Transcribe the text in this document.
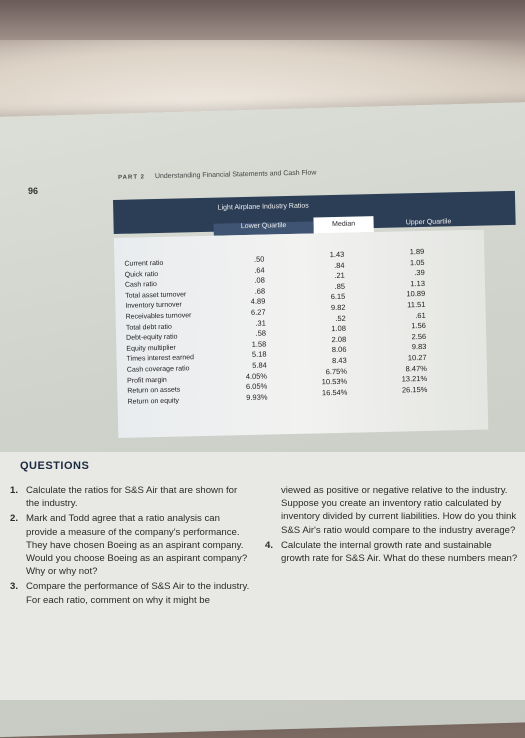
96
PART 2 Understanding Financial Statements and Cash Flow
Light Airplane Industry Ratios
Lower Quartile	Median	Upper Quartile
Current ratio
Quick ratio
Cash ratio
Total asset turnover
Inventory turnover
Receivables turnover
Total debt ratio
Debt-equity ratio
Equity multiplier
Times interest earned
Cash coverage ratio
Profit margin
Return on assets
Return on equity
.50
.64
.08
.68
4.89
6.27
.31
.58
1.58
5.18
5.84
4.05%
6.05%
9.93%
1.43
.84
.21
.85
6.15
9.82
.52
1.08
2.08
8.06
8.43
6.75%
10.53%
16.54%
1.89
1.05
.39
1.13
10.89
11.51
.61
1.56
2.56
9.83
10.27
8.47%
13.21%
26.15%
QUESTIONS
1. Calculate the ratios for S&S Air that are shown for the industry.
2. Mark and Todd agree that a ratio analysis can provide a measure of the company's performance. They have chosen Boeing as an aspirant company. Would you choose Boeing as an aspirant company? Why or why not?
3. Compare the performance of S&S Air to the industry. For each ratio, comment on why it might be
viewed as positive or negative relative to the industry. Suppose you create an inventory ratio calculated by inventory divided by current liabilities. How do you think S&S Air's ratio would compare to the industry average?
4. Calculate the internal growth rate and sustainable growth rate for S&S Air. What do these numbers mean?
